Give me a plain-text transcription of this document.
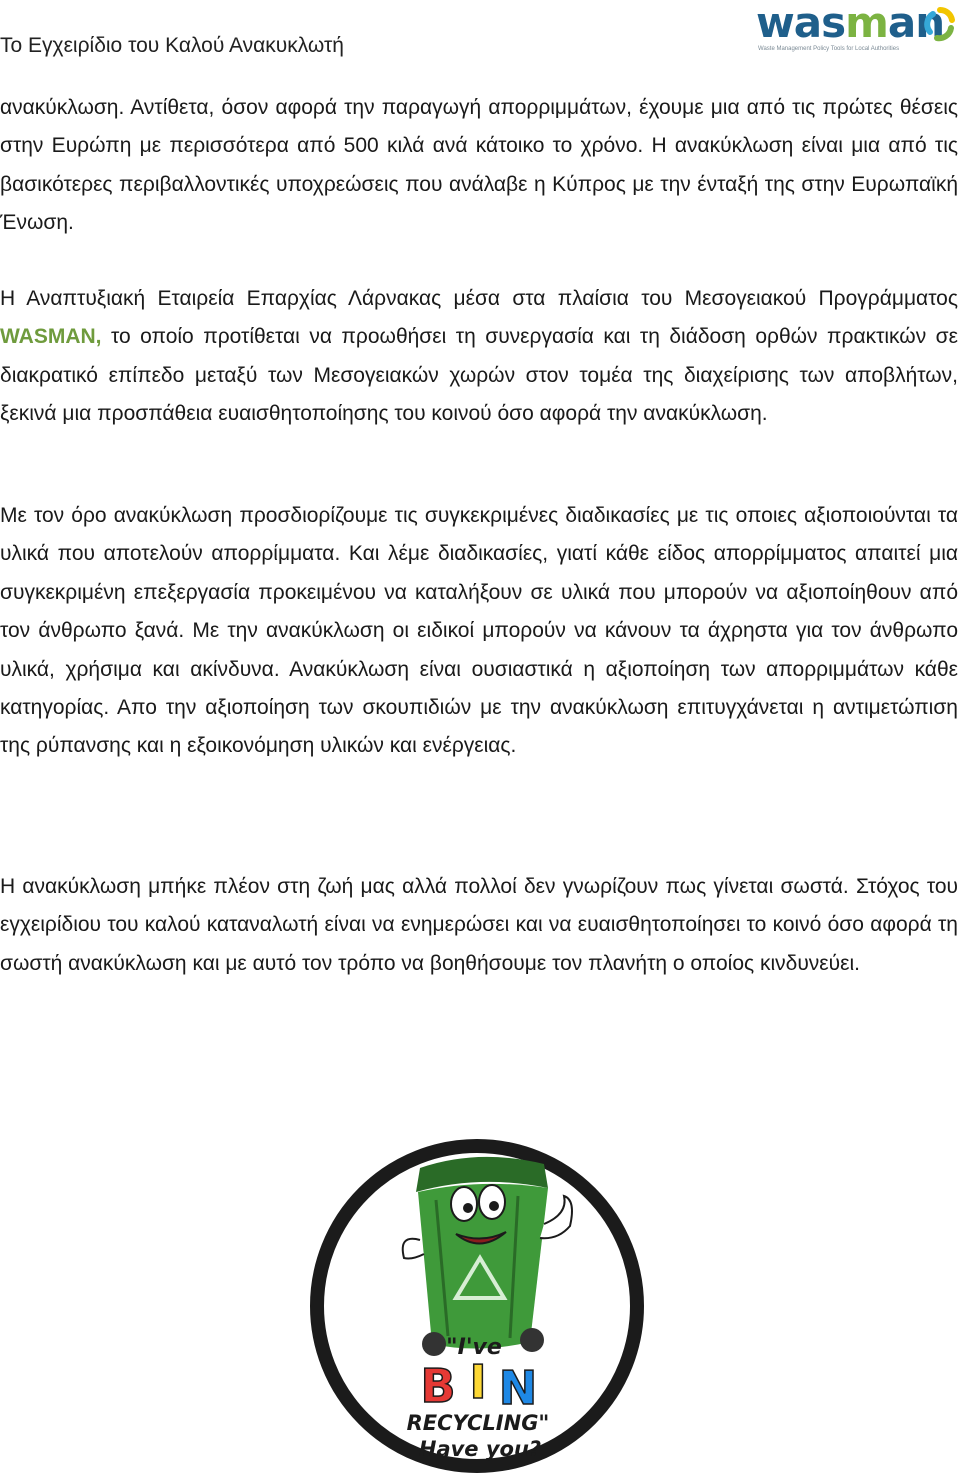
Το Εγχειρίδιο του Καλού Ανακυκλωτή	wasman
Waste Management Policy Tools for Local Authorities
ανακύκλωση. Αντίθετα, όσον αφορά την παραγωγή απορριμμάτων, έχουμε μια από τις πρώτες θέσεις στην Ευρώπη με περισσότερα από 500 κιλά ανά κάτοικο το χρόνο. Η ανακύκλωση είναι μια από τις βασικότερες περιβαλλοντικές υποχρεώσεις που ανάλαβε η Κύπρος με την ένταξή της στην Ευρωπαϊκή Ένωση.
Η Αναπτυξιακή Εταιρεία Επαρχίας Λάρνακας μέσα στα πλαίσια του Μεσογειακού Προγράμματος WASMAN, το οποίο προτίθεται να προωθήσει τη συνεργασία και τη διάδοση ορθών πρακτικών σε διακρατικό επίπεδο μεταξύ των Μεσογειακών χωρών στον τομέα της διαχείρισης των αποβλήτων, ξεκινά μια προσπάθεια ευαισθητοποίησης του κοινού όσο αφορά την ανακύκλωση.
Με τον όρο ανακύκλωση προσδιορίζουμε τις συγκεκριμένες διαδικασίες με τις οποιες αξιοποιούνται τα υλικά που αποτελούν απορρίμματα. Και λέμε διαδικασίες, γιατί κάθε είδος απορρίμματος απαιτεί μια συγκεκριμένη επεξεργασία προκειμένου να καταλήξουν σε υλικά που μπορούν να αξιοποίηθουν από τον άνθρωπο ξανά. Με την ανακύκλωση οι ειδικοί μπορούν να κάνουν τα άχρηστα για τον άνθρωπο υλικά, χρήσιμα και ακίνδυνα. Ανακύκλωση είναι ουσιαστικά η αξιοποίηση των απορριμμάτων κάθε κατηγορίας. Απο την αξιοποίηση των σκουπιδιών με την ανακύκλωση επιτυγχάνεται η αντιμετώπιση της ρύπανσης και η εξοικονόμηση υλικών και ενέργειας.
Η ανακύκλωση μπήκε πλέον στη ζωή μας αλλά πολλοί δεν γνωρίζουν πως γίνεται σωστά. Στόχος του εγχειρίδιου του καλού καταναλωτή είναι να ενημερώσει και να ευαισθητοποίησει το κοινό όσο αφορά τη σωστή ανακύκλωση και με αυτό τον τρόπο να βοηθήσουμε τον πλανήτη ο οποίος κινδυνεύει.
"I've
B I N
RECYCLING"
Have you?
